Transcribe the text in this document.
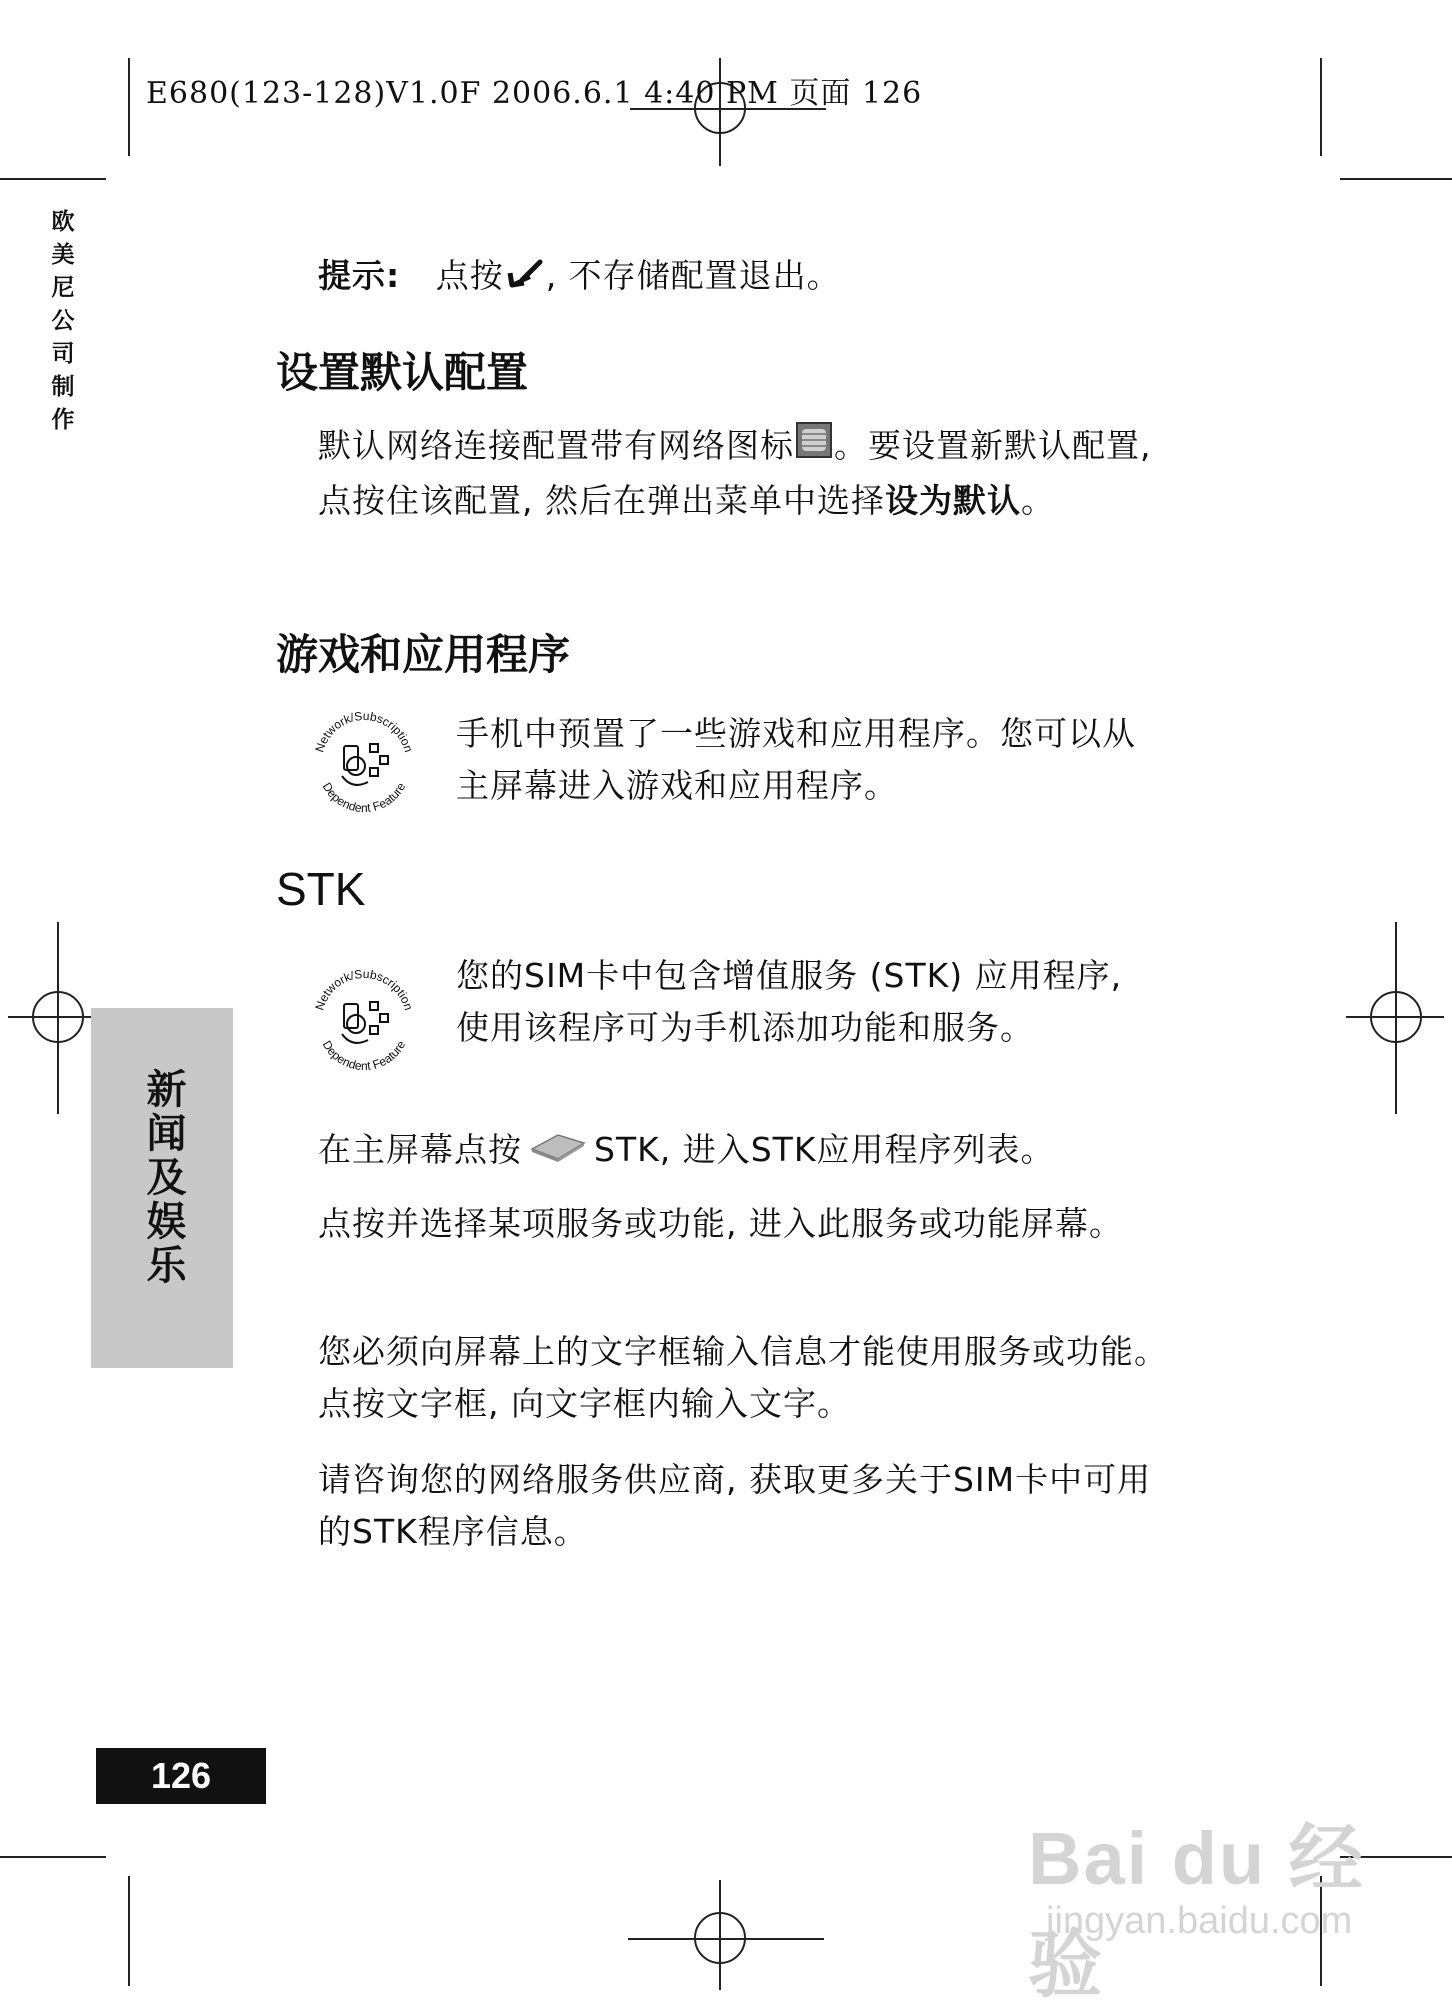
E680(123-128)V1.0F 2006.6.1 4:40 PM 页面 126
欧美尼公司制作
新闻及娱乐
126
提示: 点按 , 不存储配置退出。
设置默认配置
默认网络连接配置带有网络图标 。要设置新默认配置, 点按住该配置, 然后在弹出菜单中选择设为默认。
游戏和应用程序
Network/Subscription
Dependent Feature
手机中预置了一些游戏和应用程序。您可以从主屏幕进入游戏和应用程序。
STK
Network/Subscription
Dependent Feature
您的SIM卡中包含增值服务 (STK) 应用程序, 使用该程序可为手机添加功能和服务。
在主屏幕点按 STK, 进入STK应用程序列表。
点按并选择某项服务或功能, 进入此服务或功能屏幕。
您必须向屏幕上的文字框输入信息才能使用服务或功能。点按文字框, 向文字框内输入文字。
请咨询您的网络服务供应商, 获取更多关于SIM卡中可用的STK程序信息。
Bai du 经验
jingyan.baidu.com
